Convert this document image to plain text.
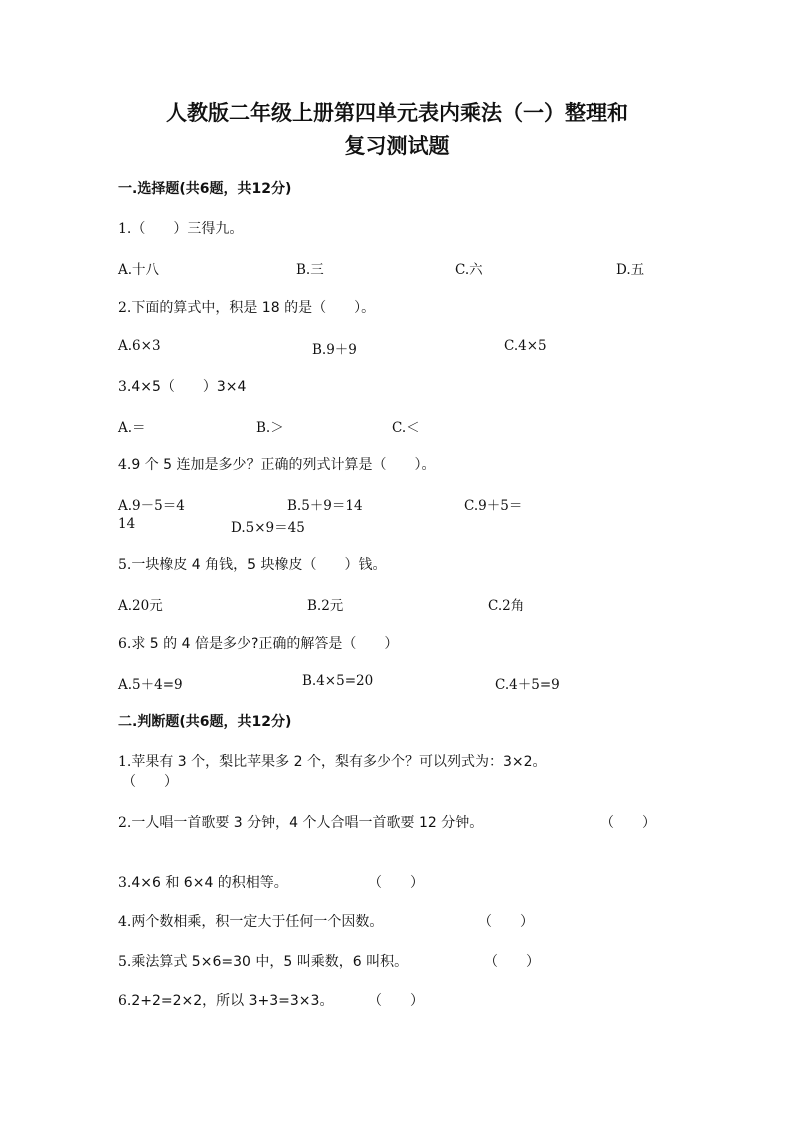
人教版二年级上册第四单元表内乘法（一）整理和
复习测试题
一.选择题(共6题，共12分)
1.（　　）三得九。
A.十八	B.三	C.六	D.五
2.下面的算式中，积是 18 的是（　　）。
A.6×3	B.9＋9	C.4×5
3.4×5（　　）3×4
A.＝	B.＞	C.＜
4.9 个 5 连加是多少？正确的列式计算是（　　）。
A.9－5＝4	B.5＋9＝14	C.9＋5＝
14	D.5×9＝45
5.一块橡皮 4 角钱，5 块橡皮（　　）钱。
A.20元	B.2元	C.2角
6.求 5 的 4 倍是多少?正确的解答是（　　）
A.5＋4=9	B.4×5=20	C.4＋5=9
二.判断题(共6题，共12分)
1.苹果有 3 个，梨比苹果多 2 个，梨有多少个？可以列式为：3×2。
（　　）
2.一人唱一首歌要 3 分钟，4 个人合唱一首歌要 12 分钟。	（　　）
3.4×6 和 6×4 的积相等。	（　　）
4.两个数相乘，积一定大于任何一个因数。	（　　）
5.乘法算式 5×6=30 中，5 叫乘数，6 叫积。	（　　）
6.2+2=2×2，所以 3+3=3×3。 （　　）
